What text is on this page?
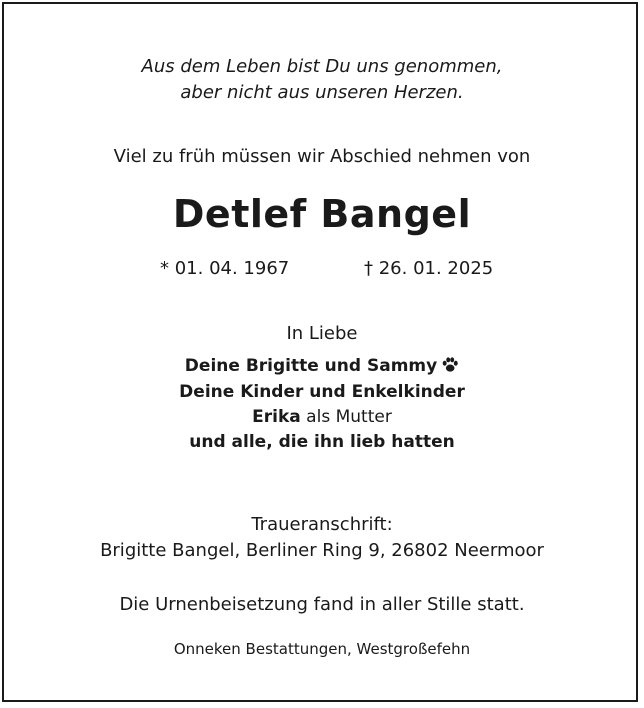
Aus dem Leben bist Du uns genommen,
aber nicht aus unseren Herzen.
Viel zu früh müssen wir Abschied nehmen von
Detlef Bangel
* 01. 04. 1967	† 26. 01. 2025
In Liebe
Deine Brigitte und Sammy
Deine Kinder und Enkelkinder
Erika als Mutter
und alle, die ihn lieb hatten
Traueranschrift:
Brigitte Bangel, Berliner Ring 9, 26802 Neermoor
Die Urnenbeisetzung fand in aller Stille statt.
Onneken Bestattungen, Westgroßefehn
